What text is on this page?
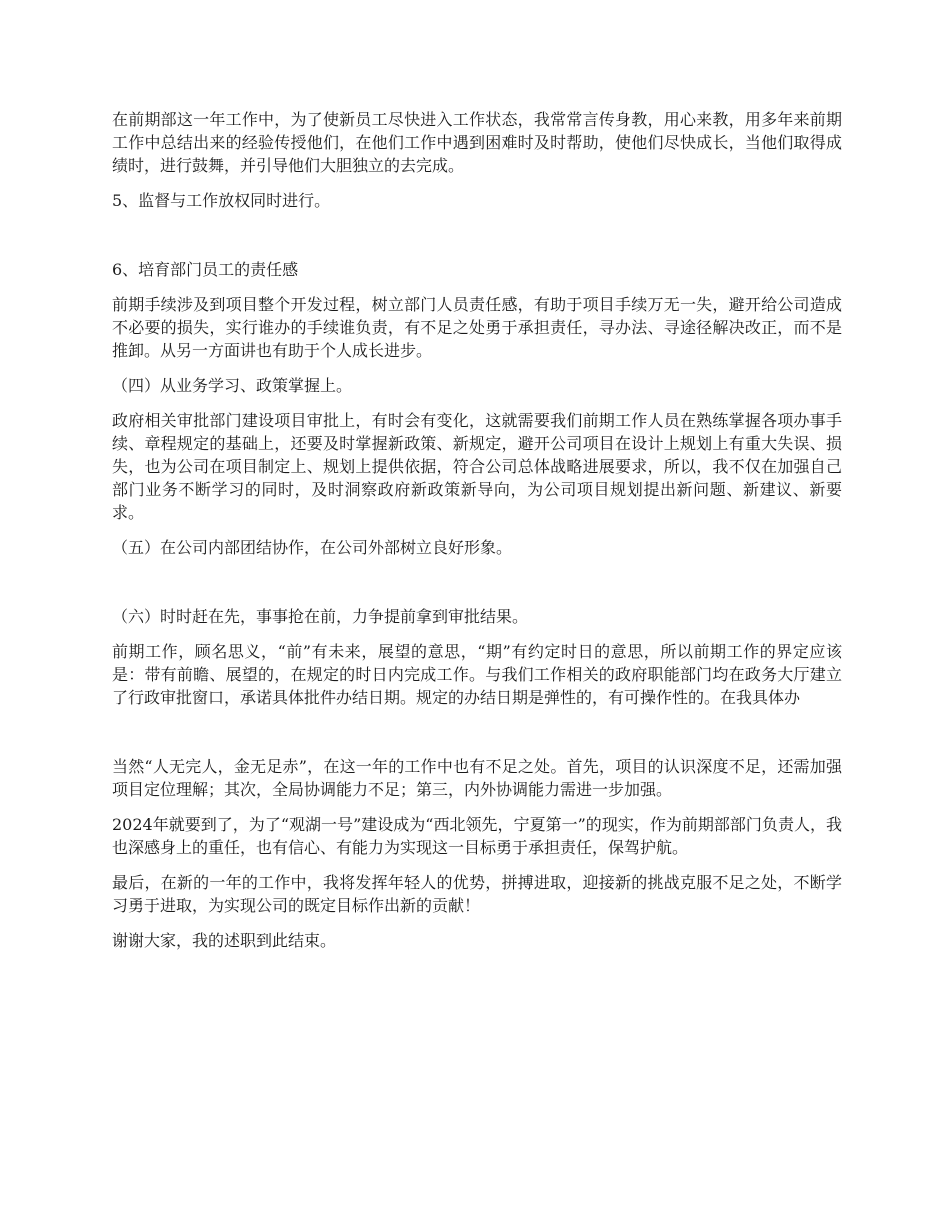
在前期部这一年工作中，为了使新员工尽快进入工作状态，我常常言传身教，用心来教，用多年来前期工作中总结出来的经验传授他们，在他们工作中遇到困难时及时帮助，使他们尽快成长，当他们取得成绩时，进行鼓舞，并引导他们大胆独立的去完成。

5、监督与工作放权同时进行。

6、培育部门员工的责任感

前期手续涉及到项目整个开发过程，树立部门人员责任感，有助于项目手续万无一失，避开给公司造成不必要的损失，实行谁办的手续谁负责，有不足之处勇于承担责任，寻办法、寻途径解决改正，而不是推卸。从另一方面讲也有助于个人成长进步。

（四）从业务学习、政策掌握上。

政府相关审批部门建设项目审批上，有时会有变化，这就需要我们前期工作人员在熟练掌握各项办事手续、章程规定的基础上，还要及时掌握新政策、新规定，避开公司项目在设计上规划上有重大失误、损失，也为公司在项目制定上、规划上提供依据，符合公司总体战略进展要求，所以，我不仅在加强自己部门业务不断学习的同时，及时洞察政府新政策新导向，为公司项目规划提出新问题、新建议、新要求。

（五）在公司内部团结协作，在公司外部树立良好形象。

（六）时时赶在先，事事抢在前，力争提前拿到审批结果。

前期工作，顾名思义，“前”有未来，展望的意思，“期”有约定时日的意思，所以前期工作的界定应该是：带有前瞻、展望的，在规定的时日内完成工作。与我们工作相关的政府职能部门均在政务大厅建立了行政审批窗口，承诺具体批件办结日期。规定的办结日期是弹性的，有可操作性的。在我具体办

当然“人无完人，金无足赤”，在这一年的工作中也有不足之处。首先，项目的认识深度不足，还需加强项目定位理解；其次，全局协调能力不足；第三，内外协调能力需进一步加强。

2024年就要到了，为了“观湖一号”建设成为“西北领先，宁夏第一”的现实，作为前期部部门负责人，我也深感身上的重任，也有信心、有能力为实现这一目标勇于承担责任，保驾护航。

最后，在新的一年的工作中，我将发挥年轻人的优势，拼搏进取，迎接新的挑战克服不足之处，不断学习勇于进取，为实现公司的既定目标作出新的贡献！

谢谢大家，我的述职到此结束。
